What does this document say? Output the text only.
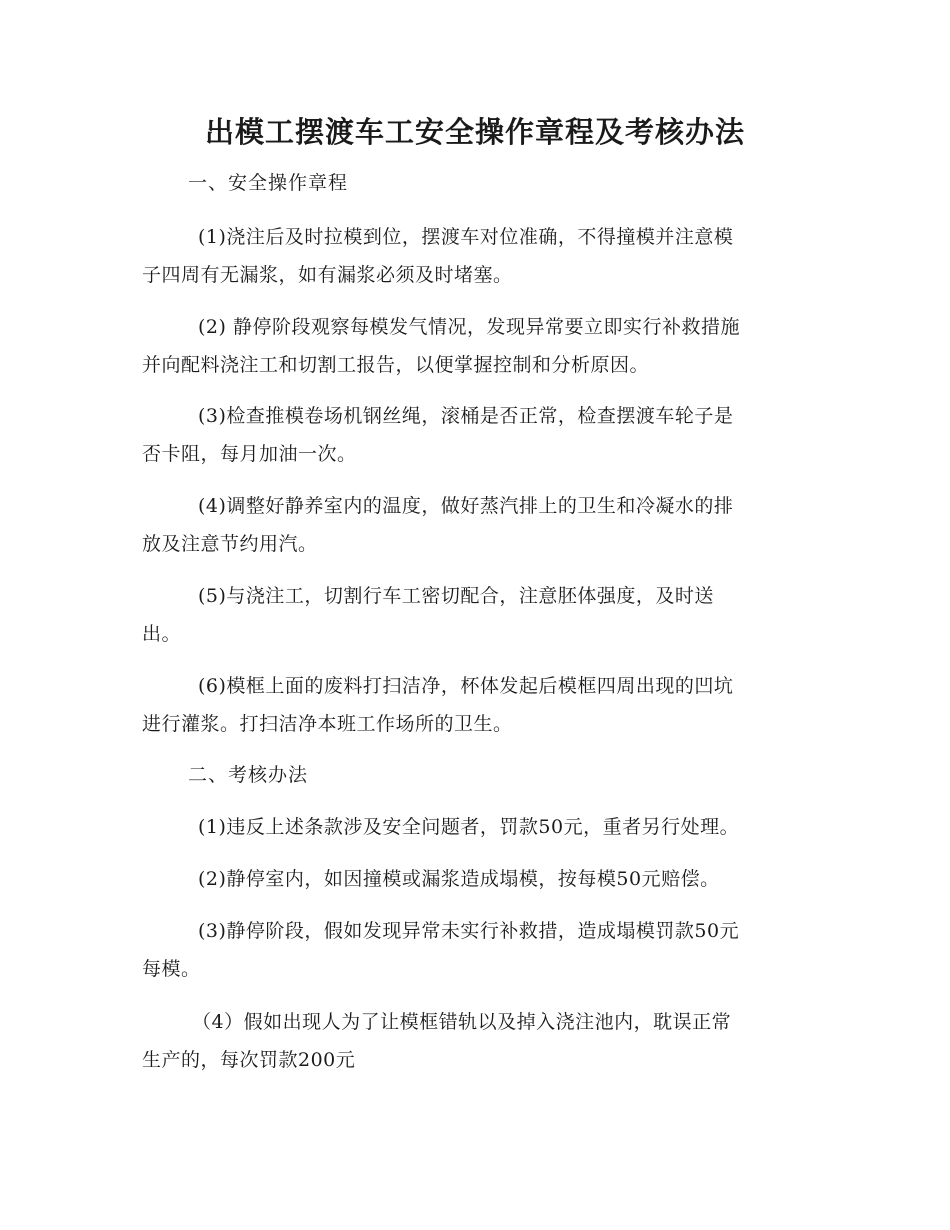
出模工摆渡车工安全操作章程及考核办法
一、安全操作章程
(1)浇注后及时拉模到位，摆渡车对位准确，不得撞模并注意模
子四周有无漏浆，如有漏浆必须及时堵塞。
(2) 静停阶段观察每模发气情况，发现异常要立即实行补救措施
并向配料浇注工和切割工报告，以便掌握控制和分析原因。
(3)检查推模卷场机钢丝绳，滚桶是否正常，检查摆渡车轮子是
否卡阻，每月加油一次。
(4)调整好静养室内的温度，做好蒸汽排上的卫生和冷凝水的排
放及注意节约用汽。
(5)与浇注工，切割行车工密切配合，注意胚体强度，及时送
出。
(6)模框上面的废料打扫洁净，杯体发起后模框四周出现的凹坑
进行灌浆。打扫洁净本班工作场所的卫生。
二、考核办法
(1)违反上述条款涉及安全问题者，罚款50元，重者另行处理。
(2)静停室内，如因撞模或漏浆造成塌模，按每模50元赔偿。
(3)静停阶段，假如发现异常未实行补救措，造成塌模罚款50元
每模。
（4）假如出现人为了让模框错轨以及掉入浇注池内，耽误正常
生产的，每次罚款200元
